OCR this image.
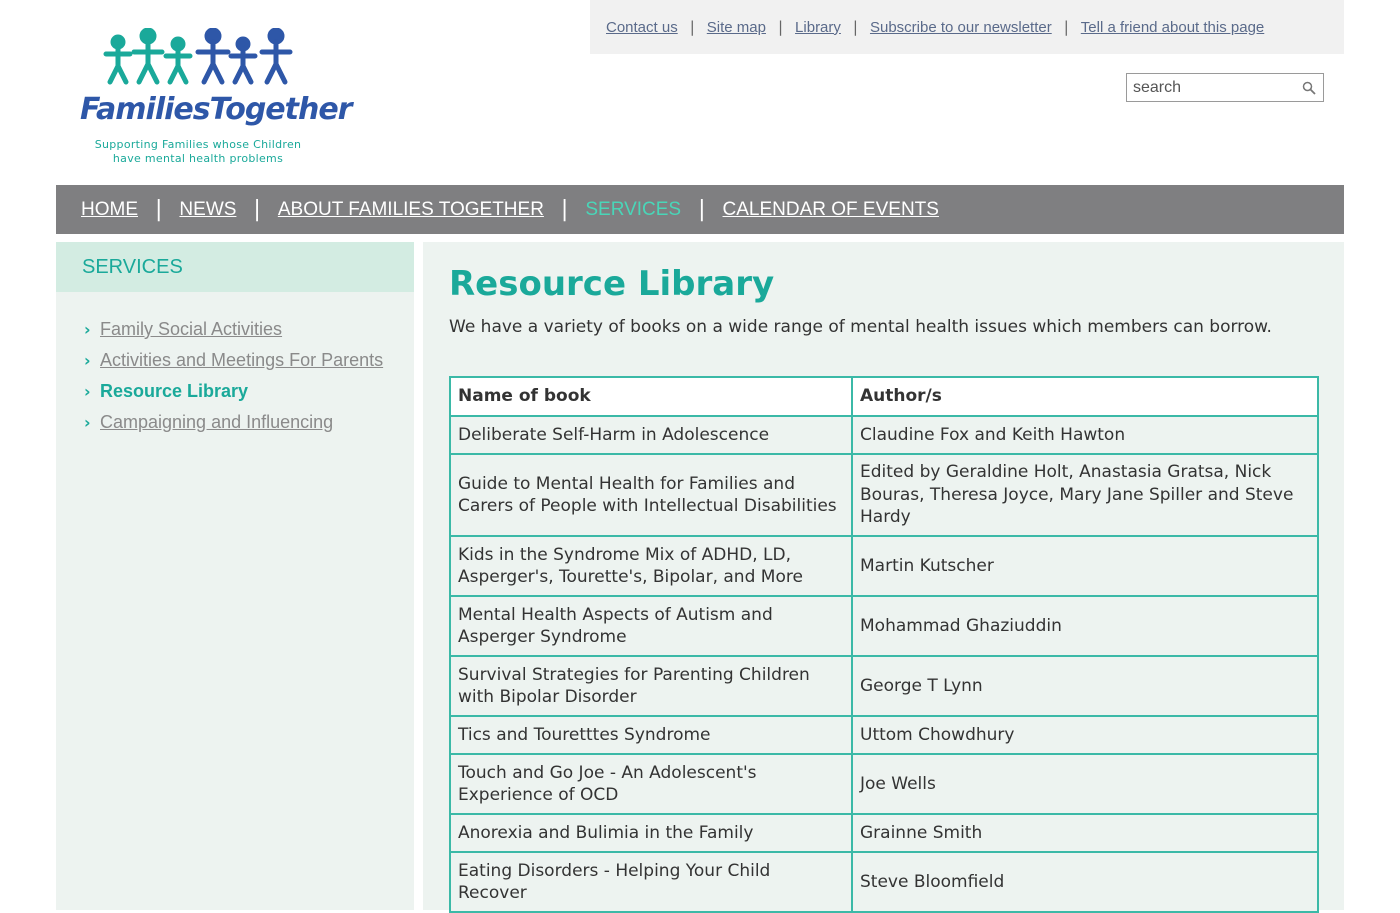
FamiliesTogether
Supporting Families whose Children
have mental health problems
Contact us | Site map | Library | Subscribe to our newsletter | Tell a friend about this page
search
HOME | NEWS | ABOUT FAMILIES TOGETHER | SERVICES | CALENDAR OF EVENTS
SERVICES
› Family Social Activities
› Activities and Meetings For Parents
› Resource Library
› Campaigning and Influencing
Resource Library

We have a variety of books on a wide range of mental health issues which members can borrow.

Name of book	Author/s
Deliberate Self-Harm in Adolescence	Claudine Fox and Keith Hawton
Guide to Mental Health for Families and Carers of People with Intellectual Disabilities	Edited by Geraldine Holt, Anastasia Gratsa, Nick Bouras, Theresa Joyce, Mary Jane Spiller and Steve Hardy
Kids in the Syndrome Mix of ADHD, LD, Asperger's, Tourette's, Bipolar, and More	Martin Kutscher
Mental Health Aspects of Autism and Asperger Syndrome	Mohammad Ghaziuddin
Survival Strategies for Parenting Children with Bipolar Disorder	George T Lynn
Tics and Touretttes Syndrome	Uttom Chowdhury
Touch and Go Joe - An Adolescent's Experience of OCD	Joe Wells
Anorexia and Bulimia in the Family	Grainne Smith
Eating Disorders - Helping Your Child Recover	Steve Bloomfield
